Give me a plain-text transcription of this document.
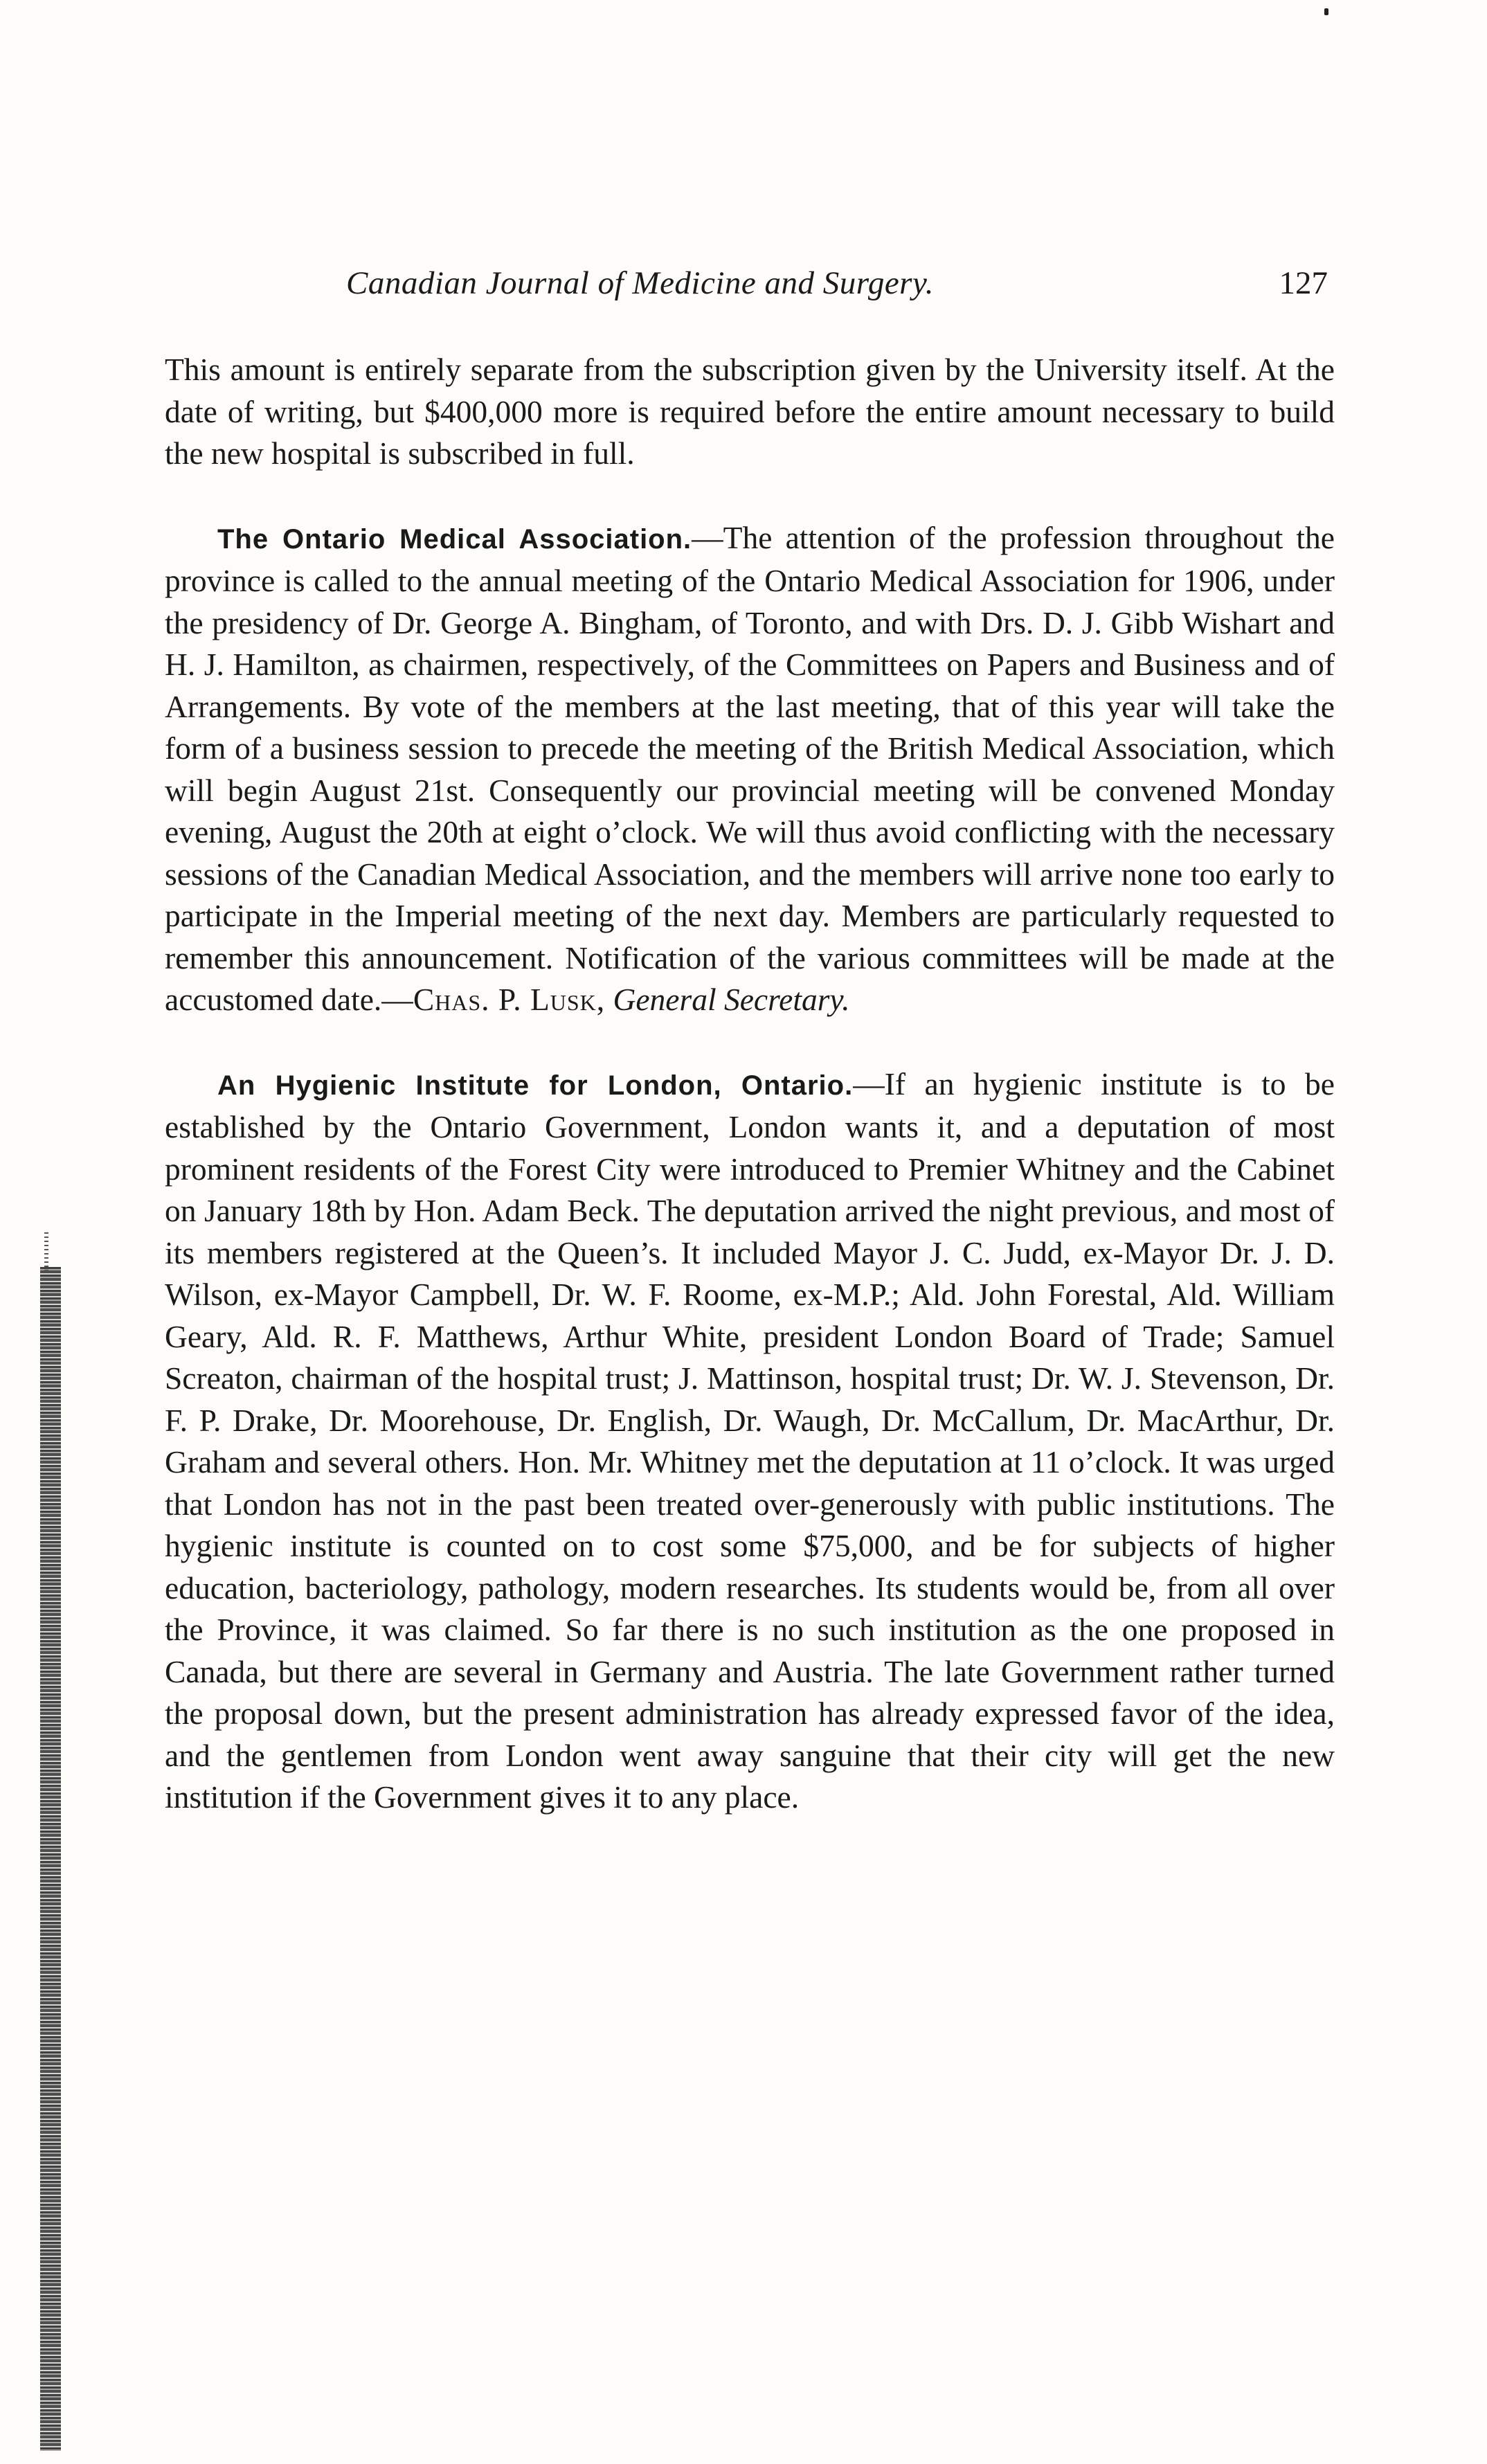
Canadian Journal of Medicine and Surgery.	127

This amount is entirely separate from the subscription given by the University itself. At the date of writing, but $400,000 more is required before the entire amount necessary to build the new hospital is subscribed in full.

The Ontario Medical Association.—The attention of the profession throughout the province is called to the annual meeting of the Ontario Medical Association for 1906, under the presidency of Dr. George A. Bingham, of Toronto, and with Drs. D. J. Gibb Wishart and H. J. Hamilton, as chairmen, respectively, of the Committees on Papers and Business and of Arrangements. By vote of the members at the last meeting, that of this year will take the form of a business session to precede the meeting of the British Medical Association, which will begin August 21st. Consequently our provincial meeting will be convened Monday evening, August the 20th at eight o’clock. We will thus avoid conflicting with the necessary sessions of the Canadian Medical Association, and the members will arrive none too early to participate in the Imperial meeting of the next day. Members are particularly requested to remember this announcement. Notification of the various committees will be made at the accustomed date.—Chas. P. Lusk, General Secretary.

An Hygienic Institute for London, Ontario.—If an hygienic institute is to be established by the Ontario Government, London wants it, and a deputation of most prominent residents of the Forest City were introduced to Premier Whitney and the Cabinet on January 18th by Hon. Adam Beck. The deputation arrived the night previous, and most of its members registered at the Queen’s. It included Mayor J. C. Judd, ex-Mayor Dr. J. D. Wilson, ex-Mayor Campbell, Dr. W. F. Roome, ex-M.P.; Ald. John Forestal, Ald. William Geary, Ald. R. F. Matthews, Arthur White, president London Board of Trade; Samuel Screaton, chairman of the hospital trust; J. Mattinson, hospital trust; Dr. W. J. Stevenson, Dr. F. P. Drake, Dr. Moorehouse, Dr. English, Dr. Waugh, Dr. McCallum, Dr. MacArthur, Dr. Graham and several others. Hon. Mr. Whitney met the deputation at 11 o’clock. It was urged that London has not in the past been treated over-generously with public institutions. The hygienic institute is counted on to cost some $75,000, and be for subjects of higher education, bacteriology, pathology, modern researches. Its students would be, from all over the Province, it was claimed. So far there is no such institution as the one proposed in Canada, but there are several in Germany and Austria. The late Government rather turned the proposal down, but the present administration has already expressed favor of the idea, and the gentlemen from London went away sanguine that their city will get the new institution if the Government gives it to any place.
